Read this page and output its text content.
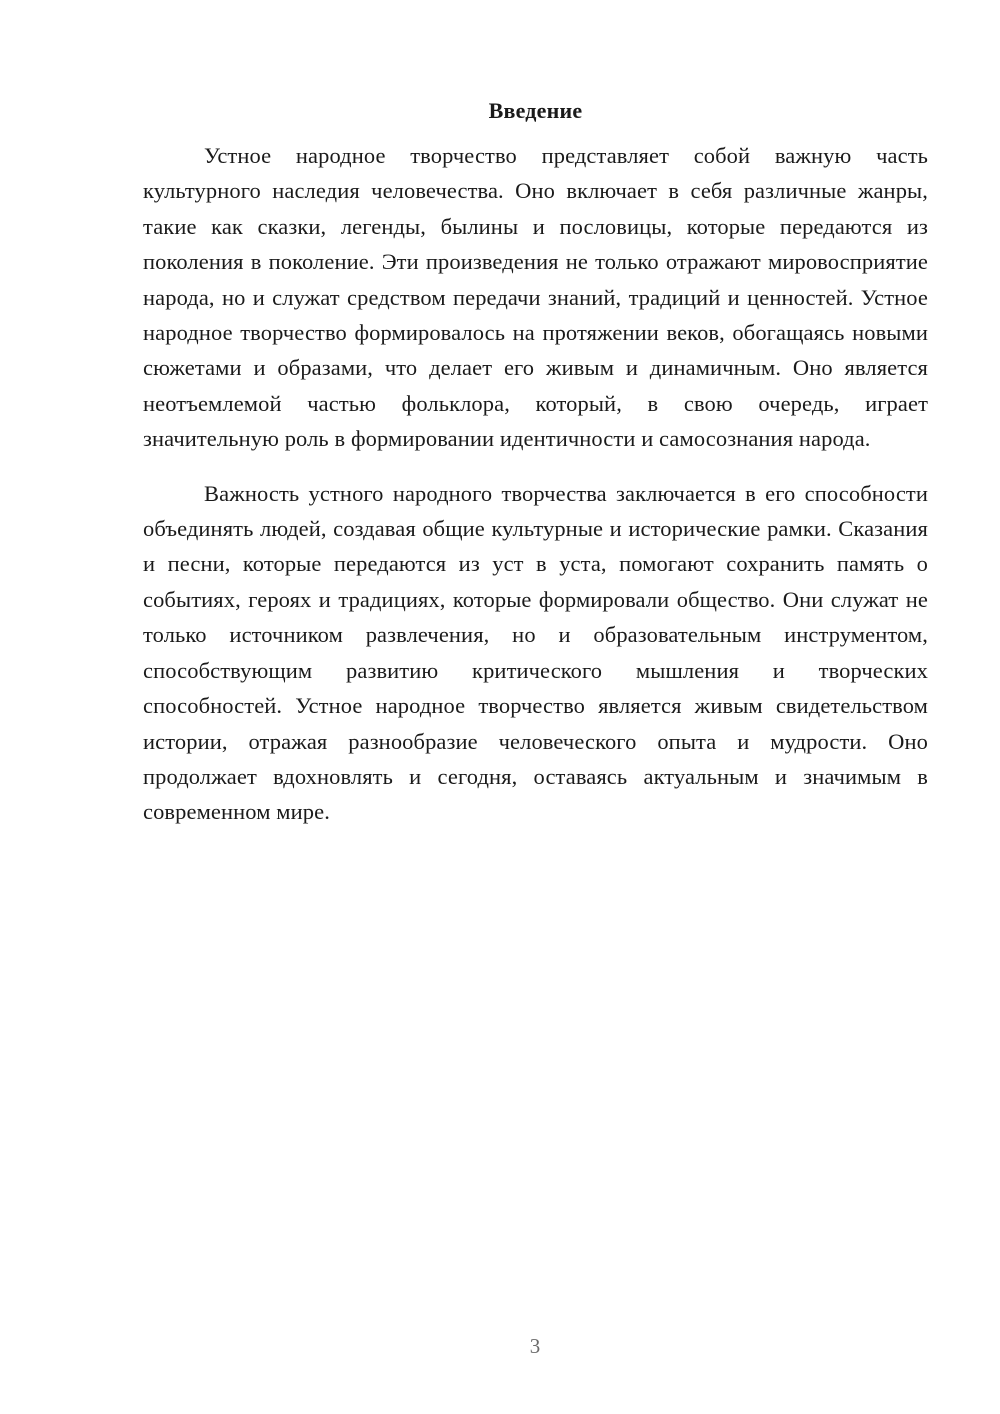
Введение

Устное народное творчество представляет собой важную часть культурного наследия человечества. Оно включает в себя различные жанры, такие как сказки, легенды, былины и пословицы, которые передаются из поколения в поколение. Эти произведения не только отражают мировосприятие народа, но и служат средством передачи знаний, традиций и ценностей. Устное народное творчество формировалось на протяжении веков, обогащаясь новыми сюжетами и образами, что делает его живым и динамичным. Оно является неотъемлемой частью фольклора, который, в свою очередь, играет значительную роль в формировании идентичности и самосознания народа.

Важность устного народного творчества заключается в его способности объединять людей, создавая общие культурные и исторические рамки. Сказания и песни, которые передаются из уст в уста, помогают сохранить память о событиях, героях и традициях, которые формировали общество. Они служат не только источником развлечения, но и образовательным инструментом, способствующим развитию критического мышления и творческих способностей. Устное народное творчество является живым свидетельством истории, отражая разнообразие человеческого опыта и мудрости. Оно продолжает вдохновлять и сегодня, оставаясь актуальным и значимым в современном мире.

3
